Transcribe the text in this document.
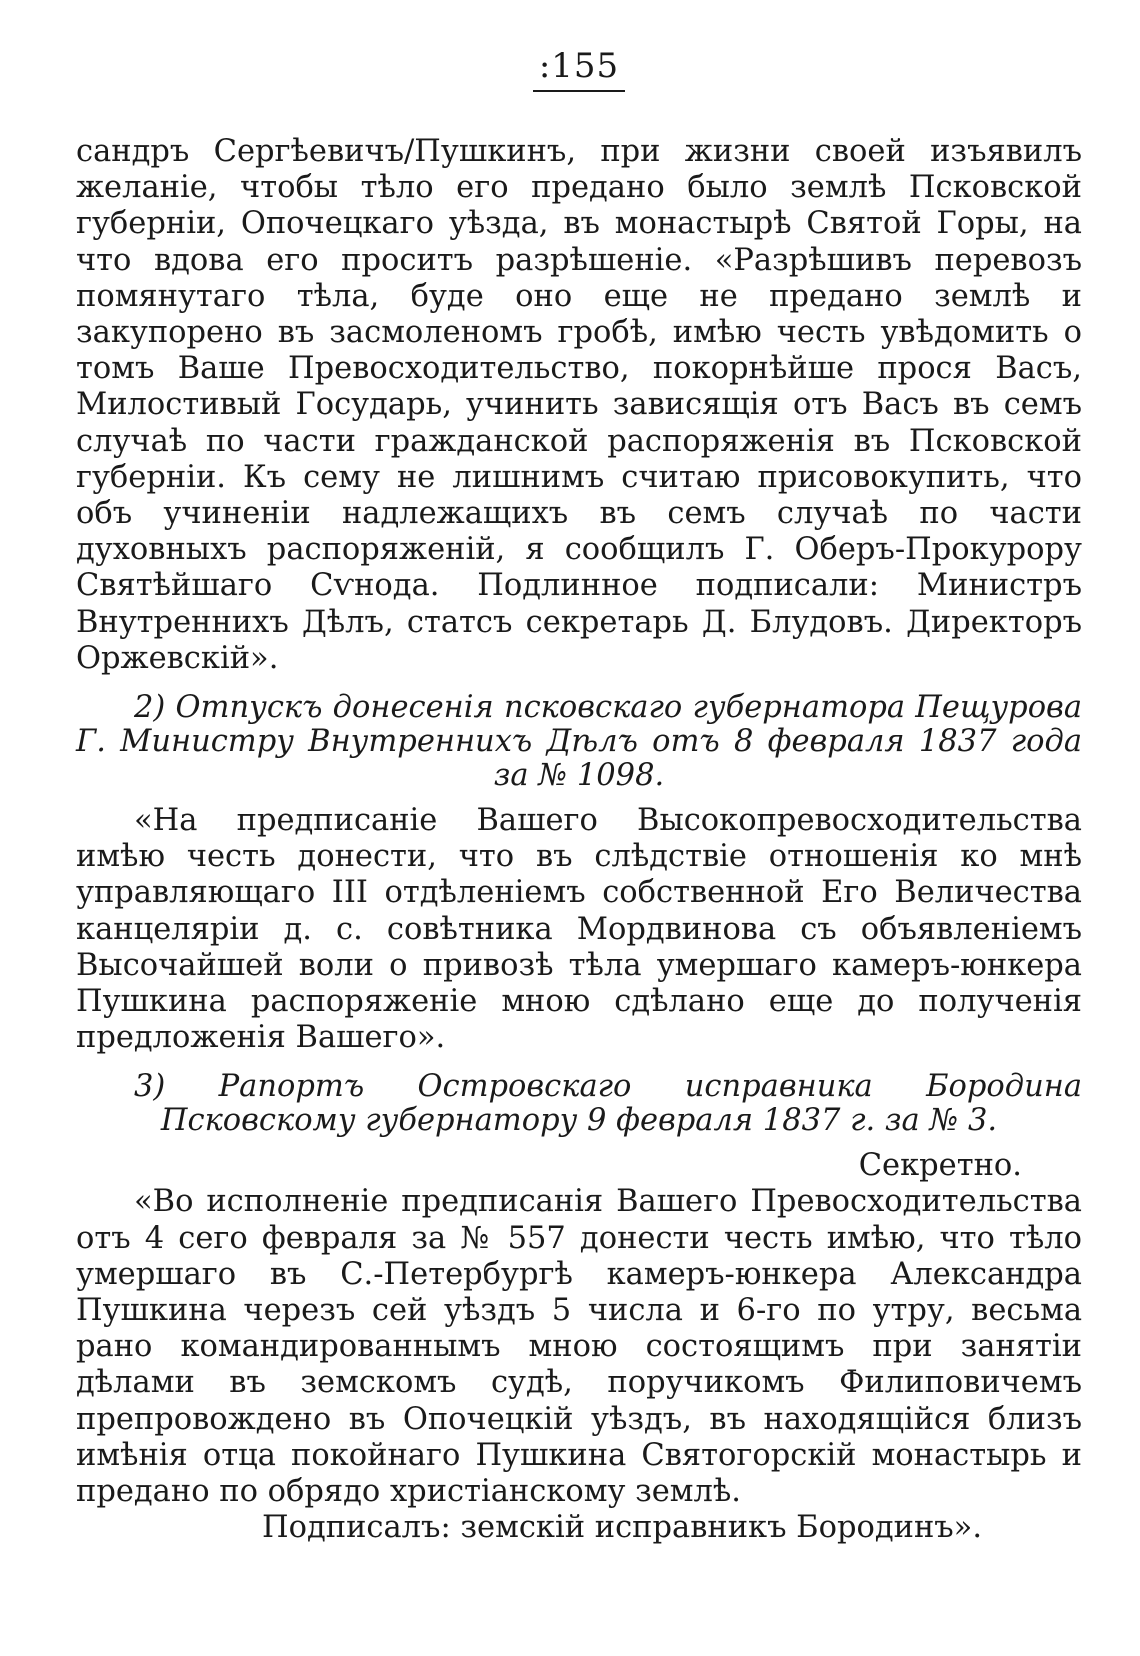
:155

сандръ Сергѣевичъ/Пушкинъ, при жизни своей изъявилъ желаніе, чтобы тѣло его предано было землѣ Псковской губерніи, Опочецкаго уѣзда, въ монастырѣ Святой Горы, на что вдова его проситъ разрѣшеніе. «Разрѣшивъ перевозъ помянутаго тѣла, буде оно еще не предано землѣ и закупорено въ засмоленомъ гробѣ, имѣю честь увѣдомить о томъ Ваше Превосходительство, покорнѣйше прося Васъ, Милостивый Государь, учинить зависящія отъ Васъ въ семъ случаѣ по части гражданской распоряженія въ Псковской губерніи. Къ сему не лишнимъ считаю присовокупить, что объ учиненіи надлежащихъ въ семъ случаѣ по части духовныхъ распоряженій, я сообщилъ Г. Оберъ-Прокурору Святѣйшаго Сѵнода. Подлинное подписали: Министръ Внутреннихъ Дѣлъ, статсъ секретарь Д. Блудовъ. Директоръ Оржевскій».

2) Отпускъ донесенія псковскаго губернатора Пещурова Г. Министру Внутреннихъ Дѣлъ отъ 8 февраля 1837 года за № 1098.

«На предписаніе Вашего Высокопревосходительства имѣю честь донести, что въ слѣдствіе отношенія ко мнѣ управляющаго III отдѣленіемъ собственной Его Величества канцеляріи д. с. совѣтника Мордвинова съ объявленіемъ Высочайшей воли о привозѣ тѣла умершаго камеръ-юнкера Пушкина распоряженіе мною сдѣлано еще до полученія предложенія Вашего».

3) Рапортъ Островскаго исправника Бородина Псковскому губернатору 9 февраля 1837 г. за № 3.

Секретно.

«Во исполненіе предписанія Вашего Превосходительства отъ 4 сего февраля за № 557 донести честь имѣю, что тѣло умершаго въ С.-Петербургѣ камеръ-юнкера Александра Пушкина черезъ сей уѣздъ 5 числа и 6-го по утру, весьма рано командированнымъ мною состоящимъ при занятіи дѣлами въ земскомъ судѣ, поручикомъ Филиповичемъ препровождено въ Опочецкій уѣздъ, въ находящійся близъ имѣнія отца покойнаго Пушкина Святогорскій монастырь и предано по обрядо христіанскому землѣ.

Подписалъ: земскій исправникъ Бородинъ».
